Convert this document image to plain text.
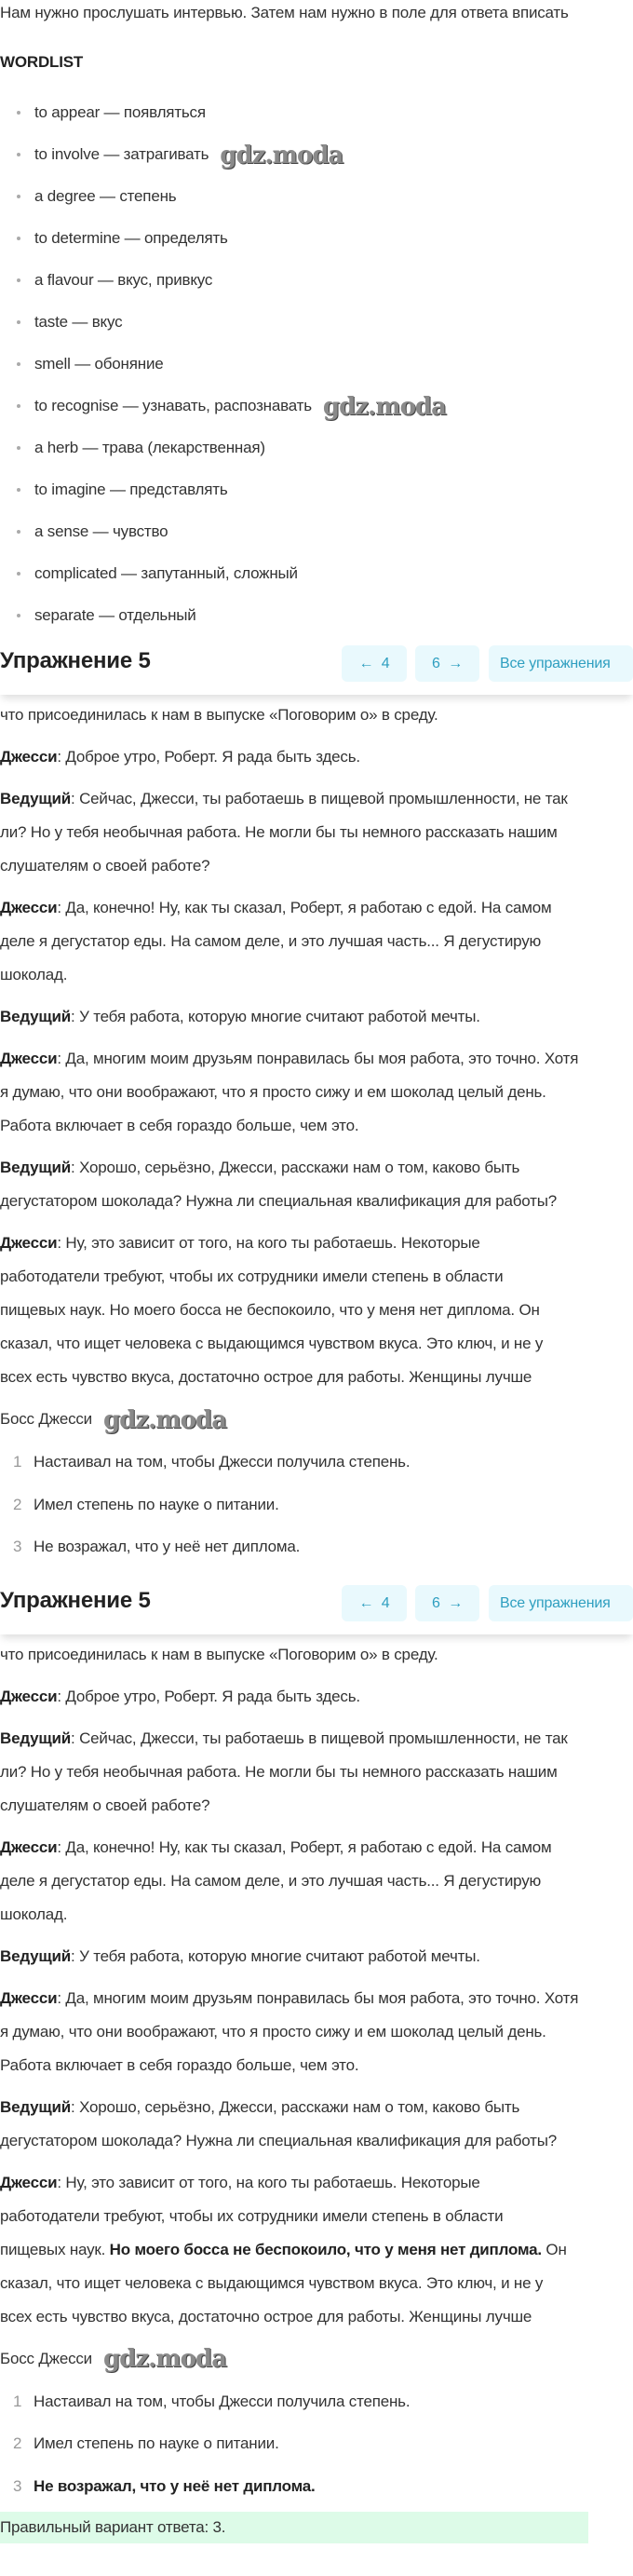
Нам нужно прослушать интервью. Затем нам нужно в поле для ответа вписать
WORDLIST
to appear — появляться
to involve — затрагивать gdz.moda
a degree — степень
to determine — определять
a flavour — вкус, привкус
taste — вкус
smell — обоняние
to recognise — узнавать, распознавать gdz.moda
a herb — трава (лекарственная)
to imagine — представлять
a sense — чувство
complicated — запутанный, сложный
separate — отдельный
Упражнение 5	← 4	6 →	Все упражнения
что присоединилась к нам в выпуске «Поговорим о» в среду.
Джесси: Доброе утро, Роберт. Я рада быть здесь.
Ведущий: Сейчас, Джесси, ты работаешь в пищевой промышленности, не так
ли? Но у тебя необычная работа. Не могли бы ты немного рассказать нашим
слушателям о своей работе?
Джесси: Да, конечно! Ну, как ты сказал, Роберт, я работаю с едой. На самом
деле я дегустатор еды. На самом деле, и это лучшая часть... Я дегустирую
шоколад.
Ведущий: У тебя работа, которую многие считают работой мечты.
Джесси: Да, многим моим друзьям понравилась бы моя работа, это точно. Хотя
я думаю, что они воображают, что я просто сижу и ем шоколад целый день.
Работа включает в себя гораздо больше, чем это.
Ведущий: Хорошо, серьёзно, Джесси, расскажи нам о том, каково быть
дегустатором шоколада? Нужна ли специальная квалификация для работы?
Джесси: Ну, это зависит от того, на кого ты работаешь. Некоторые
работодатели требуют, чтобы их сотрудники имели степень в области
пищевых наук. Но моего босса не беспокоило, что у меня нет диплома. Он
сказал, что ищет человека с выдающимся чувством вкуса. Это ключ, и не у
всех есть чувство вкуса, достаточно острое для работы. Женщины лучше
Босс Джесси gdz.moda
1 Настаивал на том, чтобы Джесси получила степень.
2 Имел степень по науке о питании.
3 Не возражал, что у неё нет диплома.
Упражнение 5	← 4	6 →	Все упражнения
что присоединилась к нам в выпуске «Поговорим о» в среду.
Джесси: Доброе утро, Роберт. Я рада быть здесь.
Ведущий: Сейчас, Джесси, ты работаешь в пищевой промышленности, не так
ли? Но у тебя необычная работа. Не могли бы ты немного рассказать нашим
слушателям о своей работе?
Джесси: Да, конечно! Ну, как ты сказал, Роберт, я работаю с едой. На самом
деле я дегустатор еды. На самом деле, и это лучшая часть... Я дегустирую
шоколад.
Ведущий: У тебя работа, которую многие считают работой мечты.
Джесси: Да, многим моим друзьям понравилась бы моя работа, это точно. Хотя
я думаю, что они воображают, что я просто сижу и ем шоколад целый день.
Работа включает в себя гораздо больше, чем это.
Ведущий: Хорошо, серьёзно, Джесси, расскажи нам о том, каково быть
дегустатором шоколада? Нужна ли специальная квалификация для работы?
Джесси: Ну, это зависит от того, на кого ты работаешь. Некоторые
работодатели требуют, чтобы их сотрудники имели степень в области
пищевых наук. Но моего босса не беспокоило, что у меня нет диплома. Он
сказал, что ищет человека с выдающимся чувством вкуса. Это ключ, и не у
всех есть чувство вкуса, достаточно острое для работы. Женщины лучше
Босс Джесси gdz.moda
1 Настаивал на том, чтобы Джесси получила степень.
2 Имел степень по науке о питании.
3 Не возражал, что у неё нет диплома.
Правильный вариант ответа: 3.
